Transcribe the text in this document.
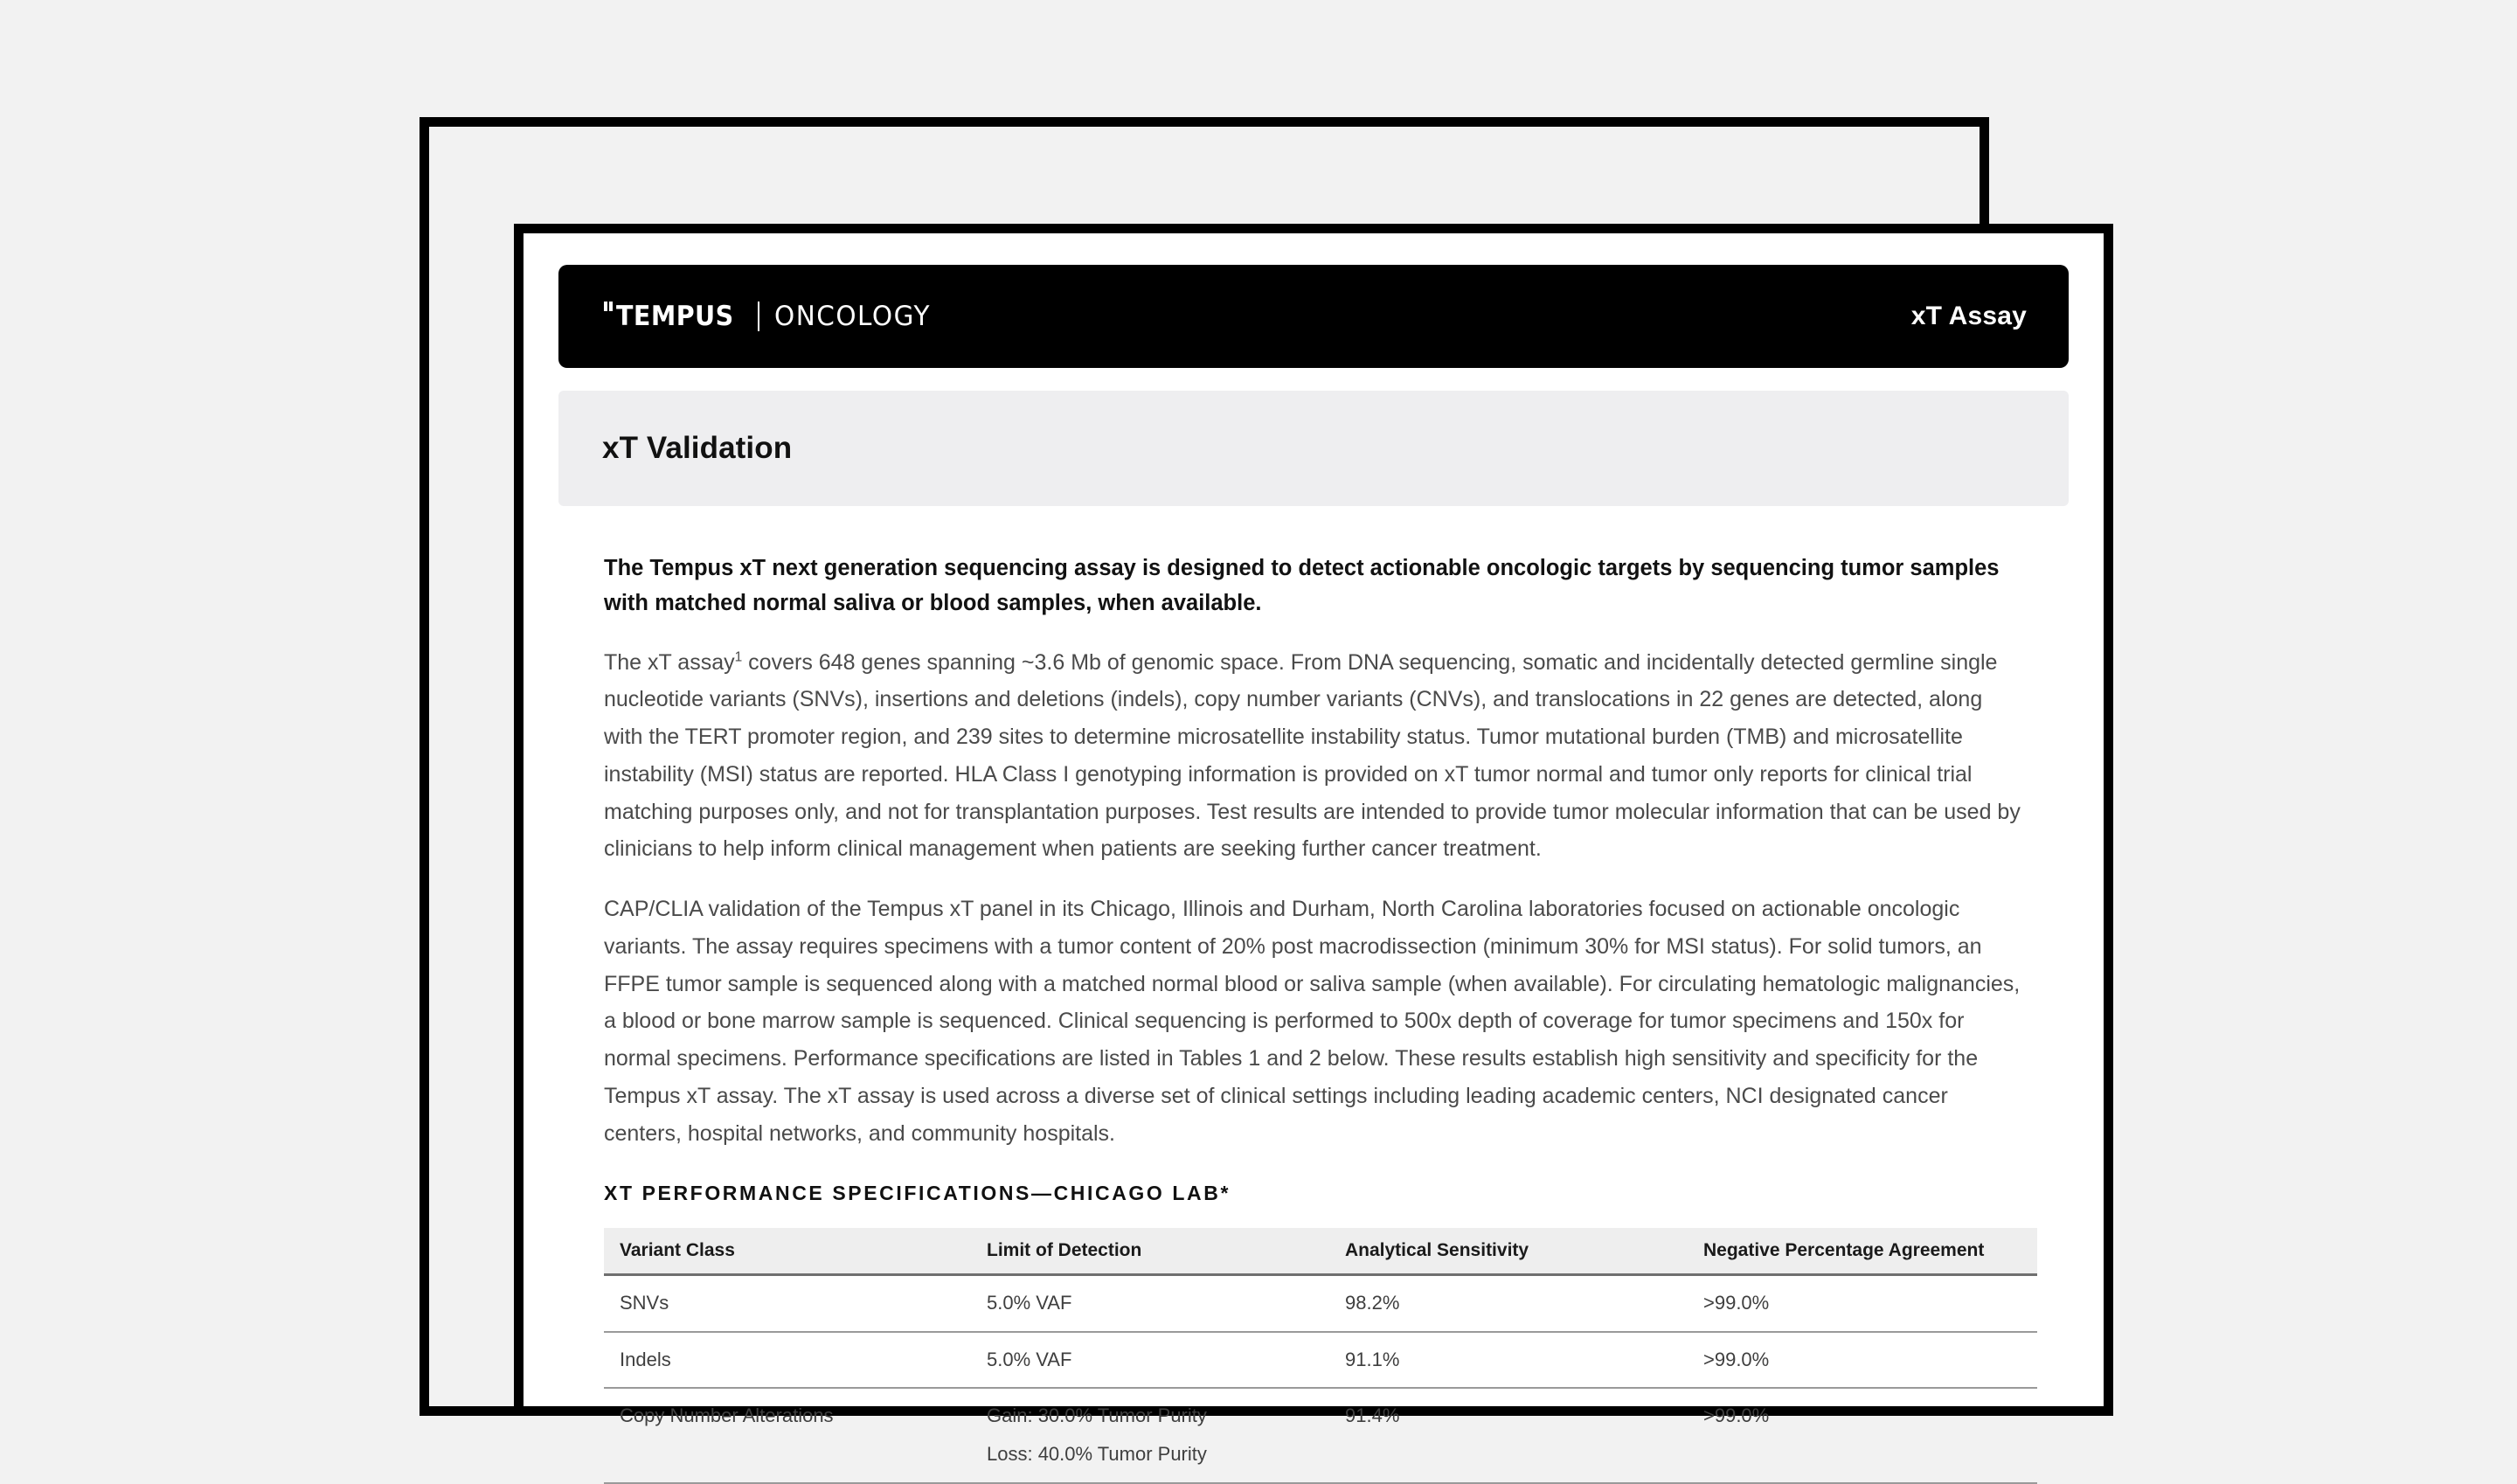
TEMPUS ONCOLOGY	xT Assay
xT Validation

The Tempus xT next generation sequencing assay is designed to detect actionable oncologic targets by sequencing tumor samples with matched normal saliva or blood samples, when available.

The xT assay$^1$ covers 648 genes spanning ~3.6 Mb of genomic space. From DNA sequencing, somatic and incidentally detected germline single nucleotide variants (SNVs), insertions and deletions (indels), copy number variants (CNVs), and translocations in 22 genes are detected, along with the TERT promoter region, and 239 sites to determine microsatellite instability status. Tumor mutational burden (TMB) and microsatellite instability (MSI) status are reported. HLA Class I genotyping information is provided on xT tumor normal and tumor only reports for clinical trial matching purposes only, and not for transplantation purposes. Test results are intended to provide tumor molecular information that can be used by clinicians to help inform clinical management when patients are seeking further cancer treatment.

CAP/CLIA validation of the Tempus xT panel in its Chicago, Illinois and Durham, North Carolina laboratories focused on actionable oncologic variants. The assay requires specimens with a tumor content of 20% post macrodissection (minimum 30% for MSI status). For solid tumors, an FFPE tumor sample is sequenced along with a matched normal blood or saliva sample (when available). For circulating hematologic malignancies, a blood or bone marrow sample is sequenced. Clinical sequencing is performed to 500x depth of coverage for tumor specimens and 150x for normal specimens. Performance specifications are listed in Tables 1 and 2 below. These results establish high sensitivity and specificity for the Tempus xT assay. The xT assay is used across a diverse set of clinical settings including leading academic centers, NCI designated cancer centers, hospital networks, and community hospitals.

XT PERFORMANCE SPECIFICATIONS—CHICAGO LAB*
Variant Class	Limit of Detection	Analytical Sensitivity	Negative Percentage Agreement
SNVs	5.0% VAF	98.2%	>99.0%
Indels	5.0% VAF	91.1%	>99.0%
Copy Number Alterations	Gain: 30.0% Tumor Purity
Loss: 40.0% Tumor Purity	91.4%	>99.0%
